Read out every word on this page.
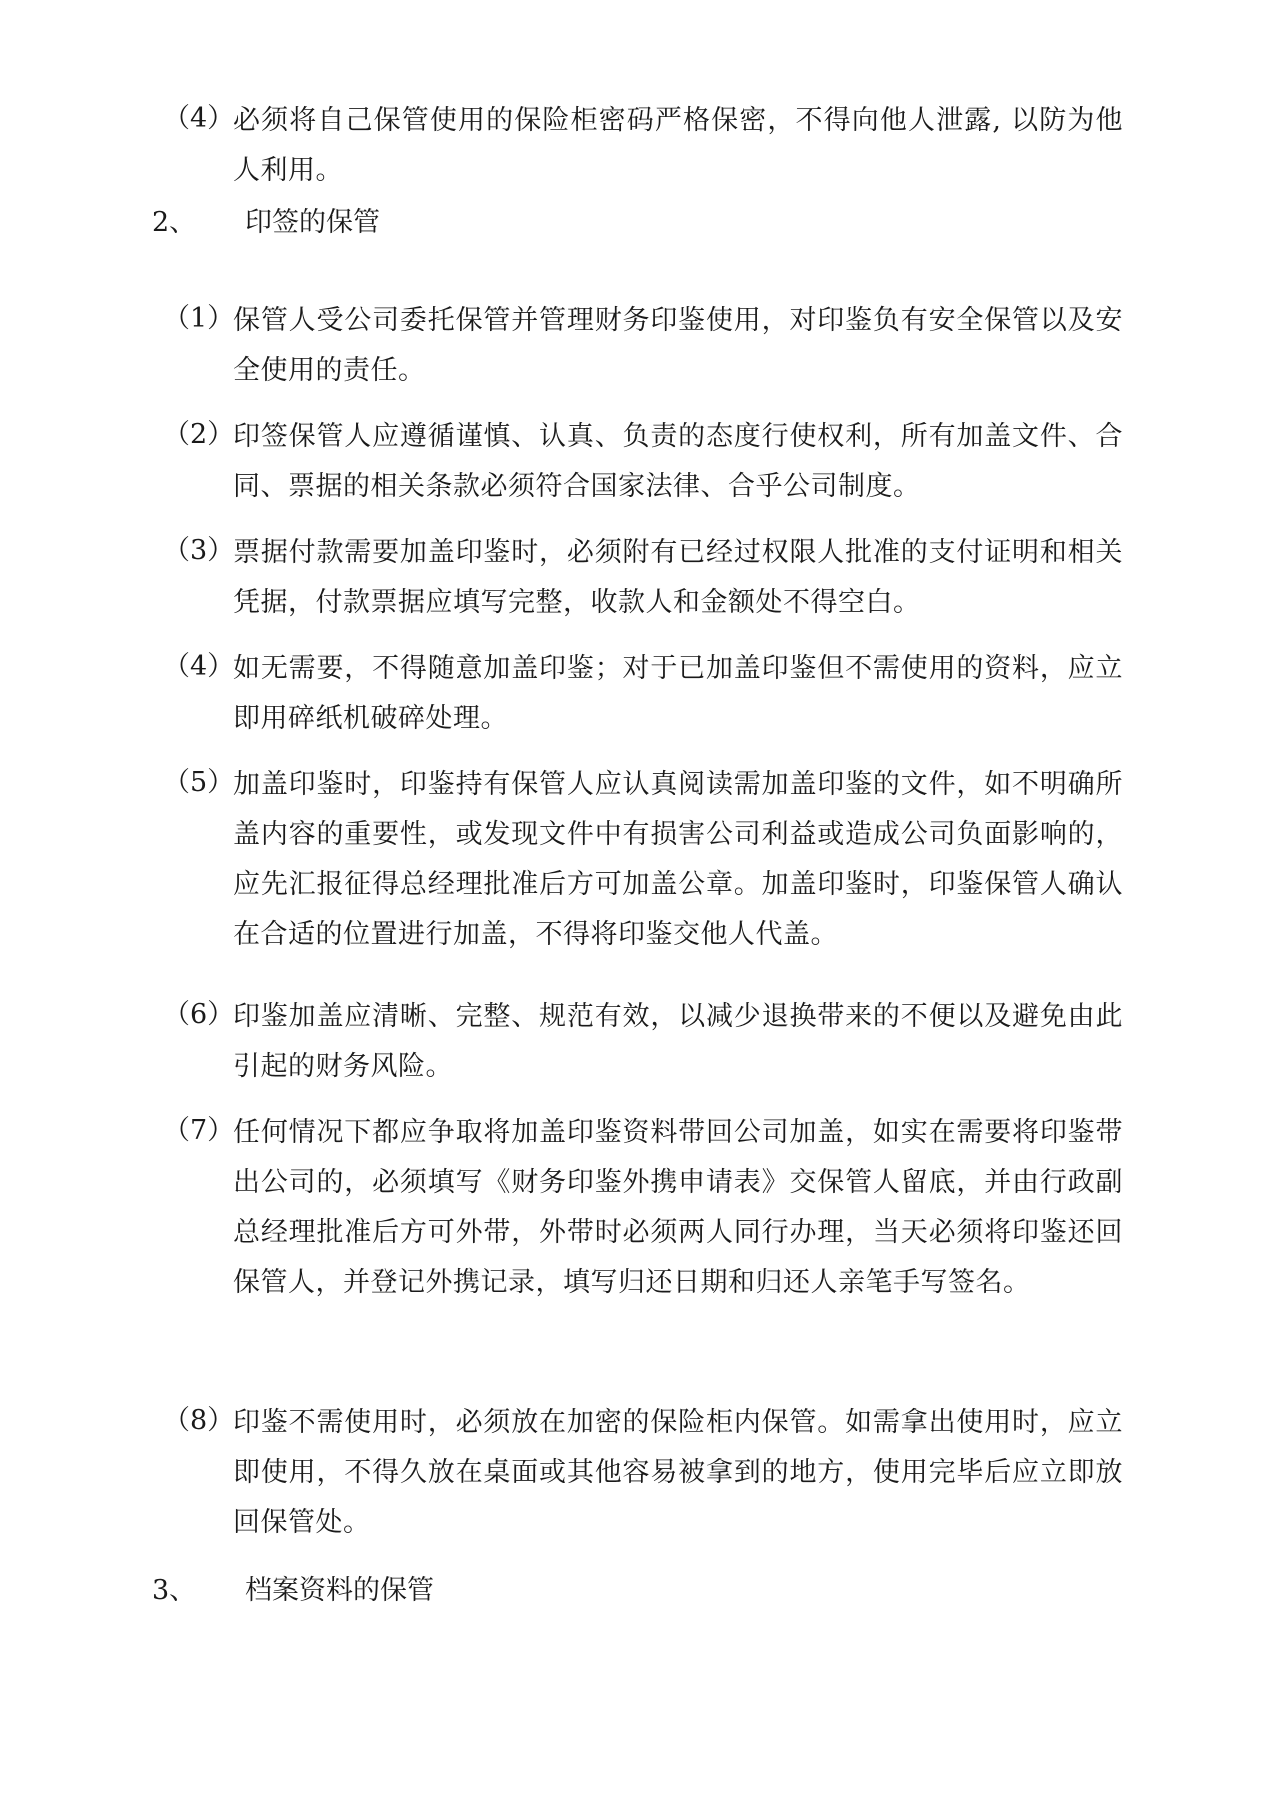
（4）
必须将自己保管使用的保险柜密码严格保密，不得向他人泄露, 以防为他人利用。
2、 印签的保管
（1）
保管人受公司委托保管并管理财务印鉴使用，对印鉴负有安全保管以及安全使用的责任。
（2）
印签保管人应遵循谨慎、认真、负责的态度行使权利，所有加盖文件、合同、票据的相关条款必须符合国家法律、合乎公司制度。
（3）
票据付款需要加盖印鉴时，必须附有已经过权限人批准的支付证明和相关凭据，付款票据应填写完整，收款人和金额处不得空白。
（4）
如无需要，不得随意加盖印鉴；对于已加盖印鉴但不需使用的资料，应立即用碎纸机破碎处理。
（5）
加盖印鉴时，印鉴持有保管人应认真阅读需加盖印鉴的文件，如不明确所盖内容的重要性，或发现文件中有损害公司利益或造成公司负面影响的，应先汇报征得总经理批准后方可加盖公章。加盖印鉴时，印鉴保管人确认在合适的位置进行加盖，不得将印鉴交他人代盖。
（6）
印鉴加盖应清晰、完整、规范有效，以减少退换带来的不便以及避免由此引起的财务风险。
（7）
任何情况下都应争取将加盖印鉴资料带回公司加盖，如实在需要将印鉴带出公司的，必须填写《财务印鉴外携申请表》交保管人留底，并由行政副总经理批准后方可外带，外带时必须两人同行办理，当天必须将印鉴还回保管人，并登记外携记录，填写归还日期和归还人亲笔手写签名。
（8）
印鉴不需使用时，必须放在加密的保险柜内保管。如需拿出使用时，应立即使用，不得久放在桌面或其他容易被拿到的地方，使用完毕后应立即放回保管处。
3、 档案资料的保管
